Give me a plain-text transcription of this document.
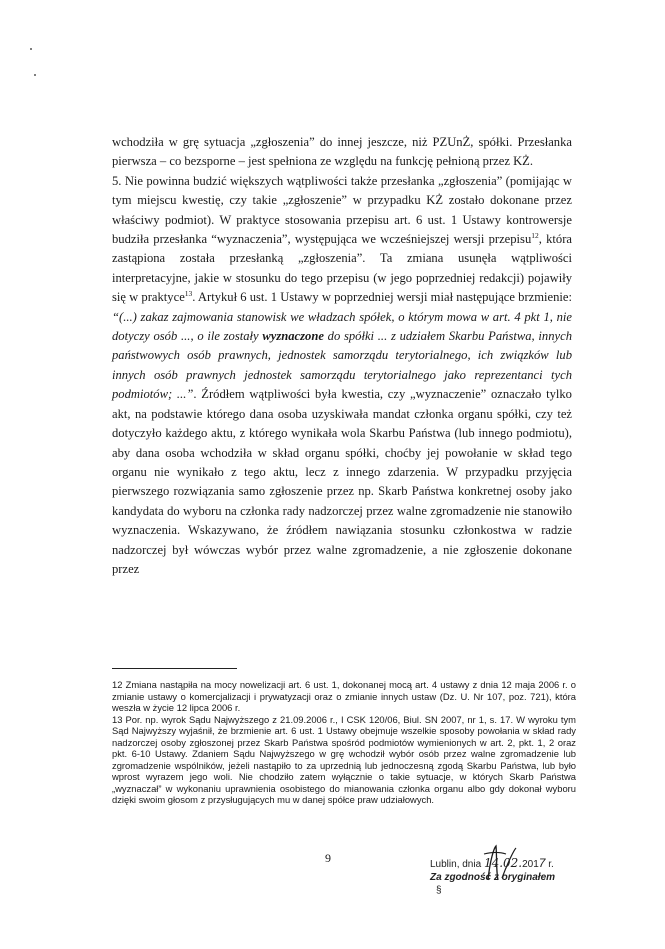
wchodziła w grę sytuacja „zgłoszenia” do innej jeszcze, niż PZUnŻ, spółki. Przesłanka pierwsza – co bezsporne – jest spełniona ze względu na funkcję pełnioną przez KŻ.

5. Nie powinna budzić większych wątpliwości także przesłanka „zgłoszenia” (pomijając w tym miejscu kwestię, czy takie „zgłoszenie” w przypadku KŻ zostało dokonane przez właściwy podmiot). W praktyce stosowania przepisu art. 6 ust. 1 Ustawy kontrowersje budziła przesłanka “wyznaczenia”, występująca we wcześniejszej wersji przepisu$^{12}$, która zastąpiona została przesłanką „zgłoszenia”. Ta zmiana usunęła wątpliwości interpretacyjne, jakie w stosunku do tego przepisu (w jego poprzedniej redakcji) pojawiły się w praktyce$^{13}$. Artykuł 6 ust. 1 Ustawy w poprzedniej wersji miał następujące brzmienie: “(...) zakaz zajmowania stanowisk we władzach spółek, o którym mowa w art. 4 pkt 1, nie dotyczy osób ..., o ile zostały wyznaczone do spółki ... z udziałem Skarbu Państwa, innych państwowych osób prawnych, jednostek samorządu terytorialnego, ich związków lub innych osób prawnych jednostek samorządu terytorialnego jako reprezentanci tych podmiotów; ...”. Źródłem wątpliwości była kwestia, czy „wyznaczenie” oznaczało tylko akt, na podstawie którego dana osoba uzyskiwała mandat członka organu spółki, czy też dotyczyło każdego aktu, z którego wynikała wola Skarbu Państwa (lub innego podmiotu), aby dana osoba wchodziła w skład organu spółki, choćby jej powołanie w skład tego organu nie wynikało z tego aktu, lecz z innego zdarzenia. W przypadku przyjęcia pierwszego rozwiązania samo zgłoszenie przez np. Skarb Państwa konkretnej osoby jako kandydata do wyboru na członka rady nadzorczej przez walne zgromadzenie nie stanowiło wyznaczenia. Wskazywano, że źródłem nawiązania stosunku członkostwa w radzie nadzorczej był wówczas wybór przez walne zgromadzenie, a nie zgłoszenie dokonane przez

12 Zmiana nastąpiła na mocy nowelizacji art. 6 ust. 1, dokonanej mocą art. 4 ustawy z dnia 12 maja 2006 r. o zmianie ustawy o komercjalizacji i prywatyzacji oraz o zmianie innych ustaw (Dz. U. Nr 107, poz. 721), która weszła w życie 12 lipca 2006 r.

13 Por. np. wyrok Sądu Najwyższego z 21.09.2006 r., I CSK 120/06, Biul. SN 2007, nr 1, s. 17. W wyroku tym Sąd Najwyższy wyjaśnił, że brzmienie art. 6 ust. 1 Ustawy obejmuje wszelkie sposoby powołania w skład rady nadzorczej osoby zgłoszonej przez Skarb Państwa spośród podmiotów wymienionych w art. 2, pkt. 1, 2 oraz pkt. 6-10 Ustawy. Zdaniem Sądu Najwyższego w grę wchodził wybór osób przez walne zgromadzenie lub zgromadzenie wspólników, jeżeli nastąpiło to za uprzednią lub jednoczesną zgodą Skarbu Państwa, lub było wprost wyrazem jego woli. Nie chodziło zatem wyłącznie o takie sytuacje, w których Skarb Państwa „wyznaczał” w wykonaniu uprawnienia osobistego do mianowania członka organu albo gdy dokonał wyboru dzięki swoim głosom z przysługujących mu w danej spółce praw udziałowych.

9	Lublin, dnia 14.02.2017 r.
Za zgodność z oryginałem
§
